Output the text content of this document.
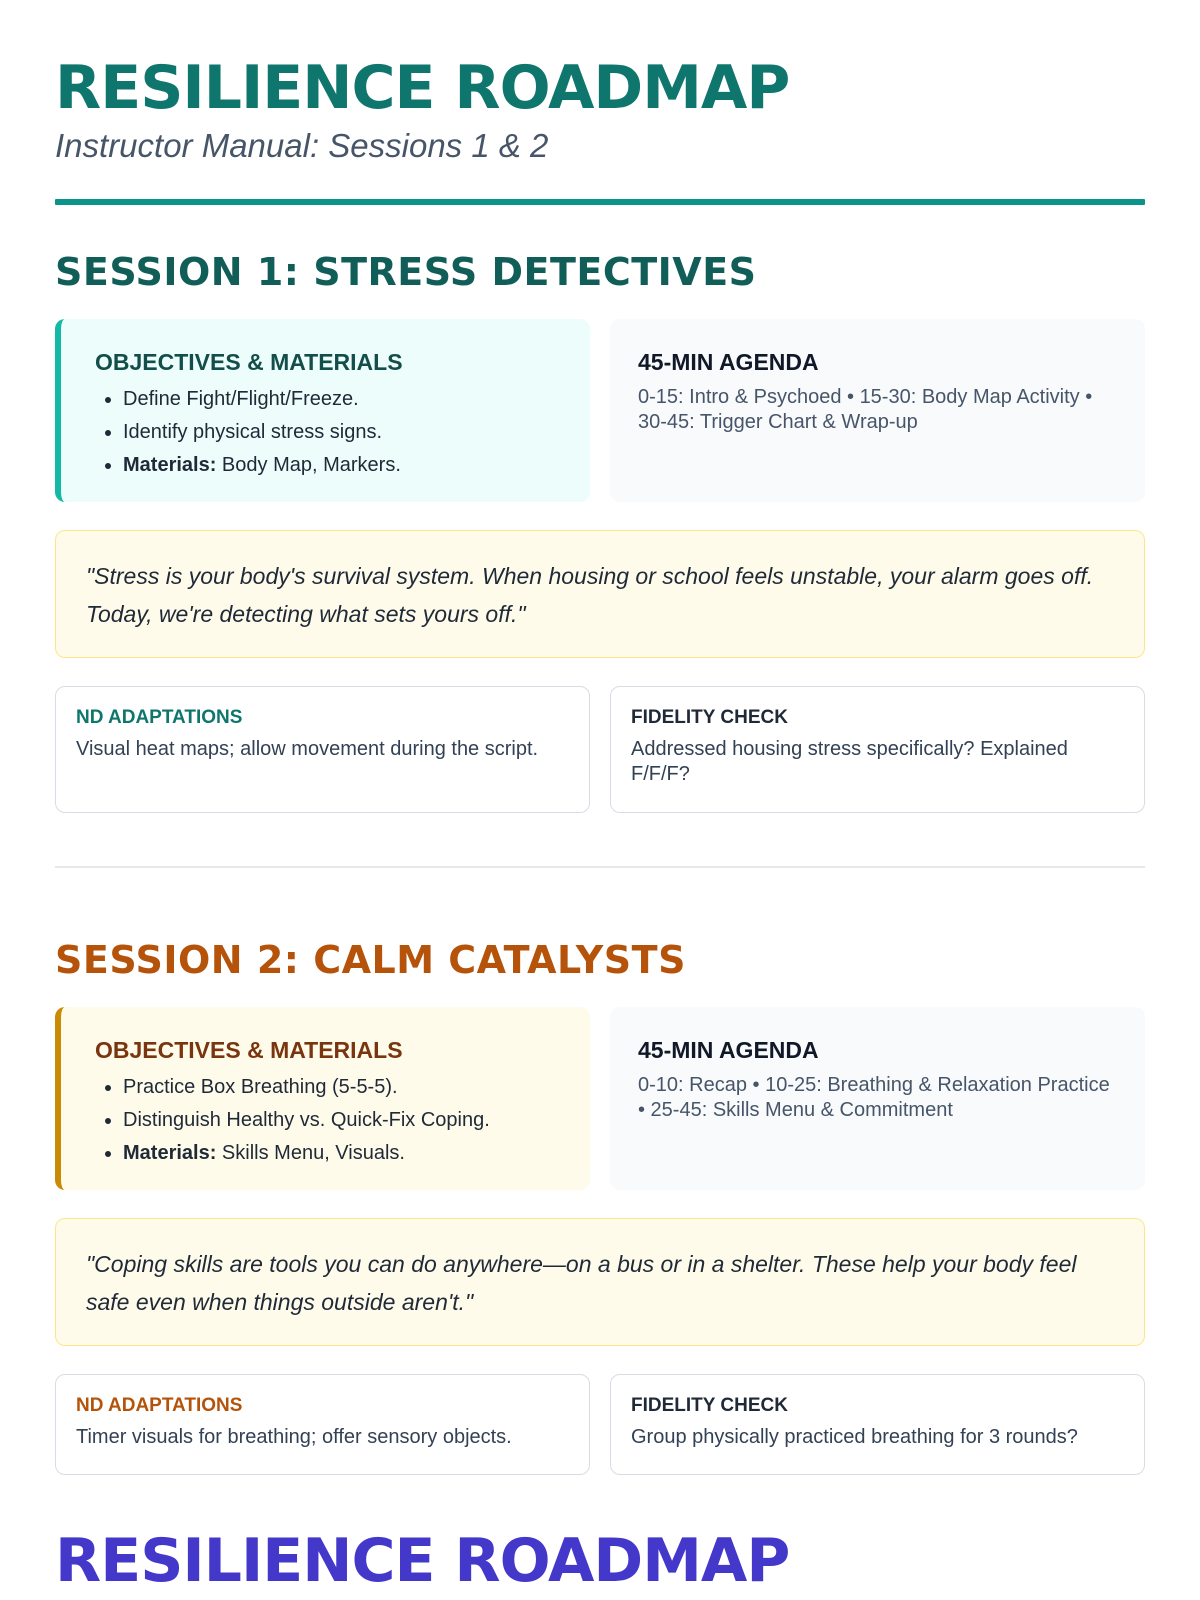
RESILIENCE ROADMAP

Instructor Manual: Sessions 1 & 2

SESSION 1: STRESS DETECTIVES
OBJECTIVES & MATERIALS
• Define Fight/Flight/Freeze.
• Identify physical stress signs.
• Materials: Body Map, Markers.
45-MIN AGENDA

0-15: Intro & Psychoed • 15-30: Body Map Activity • 30-45: Trigger Chart & Wrap-up

"Stress is your body's survival system. When housing or school feels unstable, your alarm goes off. Today, we're detecting what sets yours off."

ND ADAPTATIONS

Visual heat maps; allow movement during the script.

FIDELITY CHECK

Addressed housing stress specifically? Explained F/F/F?

SESSION 2: CALM CATALYSTS
OBJECTIVES & MATERIALS
• Practice Box Breathing (5-5-5).
• Distinguish Healthy vs. Quick-Fix Coping.
• Materials: Skills Menu, Visuals.
45-MIN AGENDA

0-10: Recap • 10-25: Breathing & Relaxation Practice • 25-45: Skills Menu & Commitment

"Coping skills are tools you can do anywhere—on a bus or in a shelter. These help your body feel safe even when things outside aren't."

ND ADAPTATIONS

Timer visuals for breathing; offer sensory objects.

FIDELITY CHECK

Group physically practiced breathing for 3 rounds?

RESILIENCE ROADMAP
